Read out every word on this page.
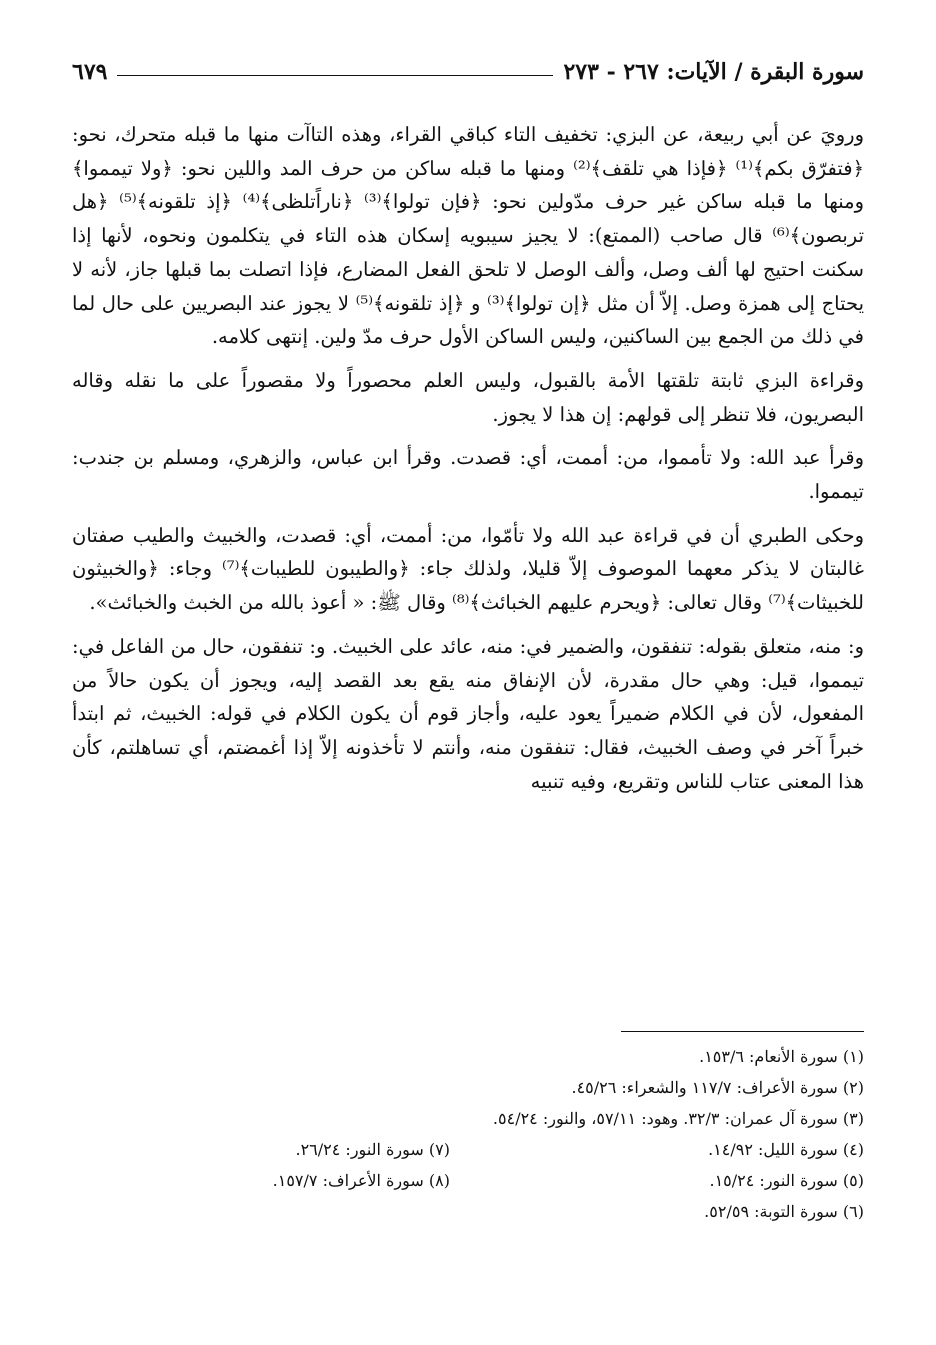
سورة البقرة / الآيات: ٢٦٧ - ٢٧٣
٦٧٩

ورويَ عن أبي ربيعة، عن البزي: تخفيف التاء كباقي القراء، وهذه التاآت منها ما قبله متحرك، نحو: ﴿فتفرّق بكم﴾⁽¹⁾ ﴿فإذا هي تلقف﴾⁽²⁾ ومنها ما قبله ساكن من حرف المد واللين نحو: ﴿ولا تيمموا﴾ ومنها ما قبله ساكن غير حرف مدّولين نحو: ﴿فإن تولوا﴾⁽³⁾ ﴿ناراًتلظى﴾⁽⁴⁾ ﴿إذ تلقونه﴾⁽⁵⁾ ﴿هل تربصون﴾⁽⁶⁾ قال صاحب (الممتع): لا يجيز سيبويه إسكان هذه التاء في يتكلمون ونحوه، لأنها إذا سكنت احتيج لها ألف وصل، وألف الوصل لا تلحق الفعل المضارع، فإذا اتصلت بما قبلها جاز، لأنه لا يحتاج إلى همزة وصل. إلاّ أن مثل ﴿إن تولوا﴾⁽³⁾ و ﴿إذ تلقونه﴾⁽⁵⁾ لا يجوز عند البصريين على حال لما في ذلك من الجمع بين الساكنين، وليس الساكن الأول حرف مدّ ولين. إنتهى كلامه.

وقراءة البزي ثابتة تلقتها الأمة بالقبول، وليس العلم محصوراً ولا مقصوراً على ما نقله وقاله البصريون، فلا تنظر إلى قولهم: إن هذا لا يجوز.

وقرأ عبد الله: ولا تأمموا، من: أممت، أي: قصدت. وقرأ ابن عباس، والزهري، ومسلم بن جندب: تيمموا.

وحكى الطبري أن في قراءة عبد الله ولا تأمّوا، من: أممت، أي: قصدت، والخبيث والطيب صفتان غالبتان لا يذكر معهما الموصوف إلاّ قليلا، ولذلك جاء: ﴿والطيبون للطيبات﴾⁽⁷⁾ وجاء: ﴿والخبيثون للخبيثات﴾⁽⁷⁾ وقال تعالى: ﴿ويحرم عليهم الخبائث﴾⁽⁸⁾ وقال ﷺ: « أعوذ بالله من الخبث والخبائث».

و: منه، متعلق بقوله: تنفقون، والضمير في: منه، عائد على الخبيث. و: تنفقون، حال من الفاعل في: تيمموا، قيل: وهي حال مقدرة، لأن الإنفاق منه يقع بعد القصد إليه، ويجوز أن يكون حالاً من المفعول، لأن في الكلام ضميراً يعود عليه، وأجاز قوم أن يكون الكلام في قوله: الخبيث، ثم ابتدأ خبراً آخر في وصف الخبيث، فقال: تنفقون منه، وأنتم لا تأخذونه إلاّ إذا أغمضتم، أي تساهلتم، كأن هذا المعنى عتاب للناس وتقريع، وفيه تنبيه

(١) سورة الأنعام: ١٥٣/٦.
(٢) سورة الأعراف: ١١٧/٧ والشعراء: ٤٥/٢٦.
(٣) سورة آل عمران: ٣٢/٣. وهود: ٥٧/١١، والنور: ٥٤/٢٤.
(٤) سورة الليل: ١٤/٩٢.
(٥) سورة النور: ١٥/٢٤.
(٦) سورة التوبة: ٥٢/٥٩.
(٧) سورة النور: ٢٦/٢٤.
(٨) سورة الأعراف: ١٥٧/٧.
